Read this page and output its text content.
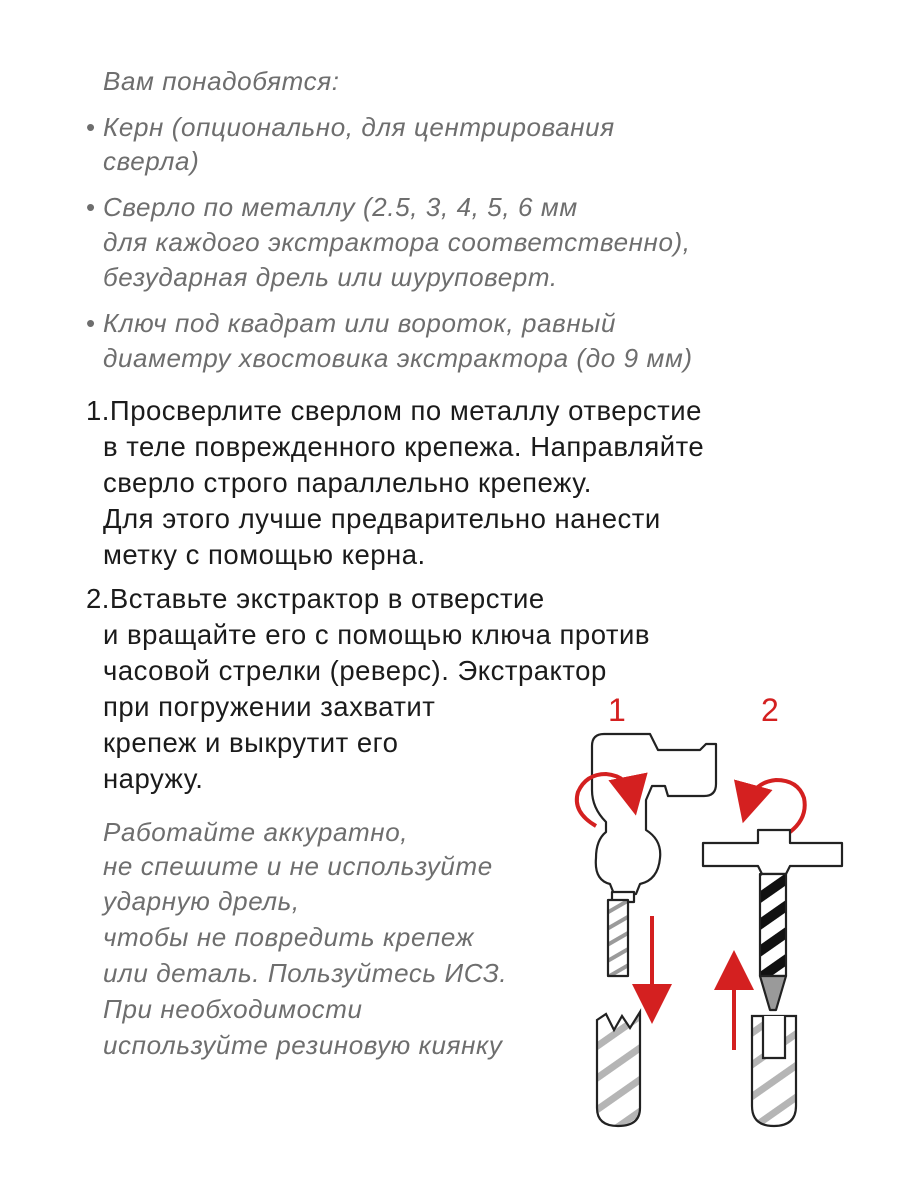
Вам понадобятся:
• Керн (опционально, для центрирования
сверла)
• Сверло по металлу (2.5, 3, 4, 5, 6 мм
для каждого экстрактора соответственно),
безударная дрель или шуруповерт.
• Ключ под квадрат или вороток, равный
диаметру хвостовика экстрактора (до 9 мм)
1.Просверлите сверлом по металлу отверстие
в теле поврежденного крепежа. Направляйте
сверло строго параллельно крепежу.
Для этого лучше предварительно нанести
метку с помощью керна.
2.Вставьте экстрактор в отверстие
и вращайте его с помощью ключа против
часовой стрелки (реверс). Экстрактор
при погружении захватит
крепеж и выкрутит его
наружу.
Работайте аккуратно,
не спешите и не используйте
ударную дрель,
чтобы не повредить крепеж
или деталь. Пользуйтесь ИСЗ.
При необходимости
используйте резиновую киянку
1	2
